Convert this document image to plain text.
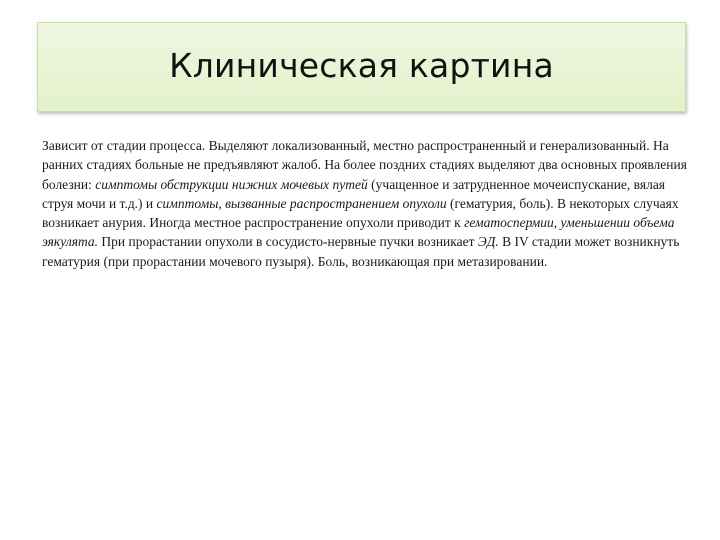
Клиническая картина
Зависит от стадии процесса. Выделяют локализованный, местно распространенный и генерализованный. На ранних стадиях больные не предъявляют жалоб. На более поздних стадиях выделяют два основных проявления болезни: симптомы обструкции нижних мочевых путей (учащенное и затрудненное мочеиспускание, вялая струя мочи и т.д.) и симптомы, вызванные распространением опухоли (гематурия, боль). В некоторых случаях возникает анурия. Иногда местное распространение опухоли приводит к гематоспермии, уменьшении объема эякулята. При прорастании опухоли в сосудисто-нервные пучки возникает ЭД. В IV стадии может возникнуть гематурия (при прорастании мочевого пузыря). Боль, возникающая при метазировании.
